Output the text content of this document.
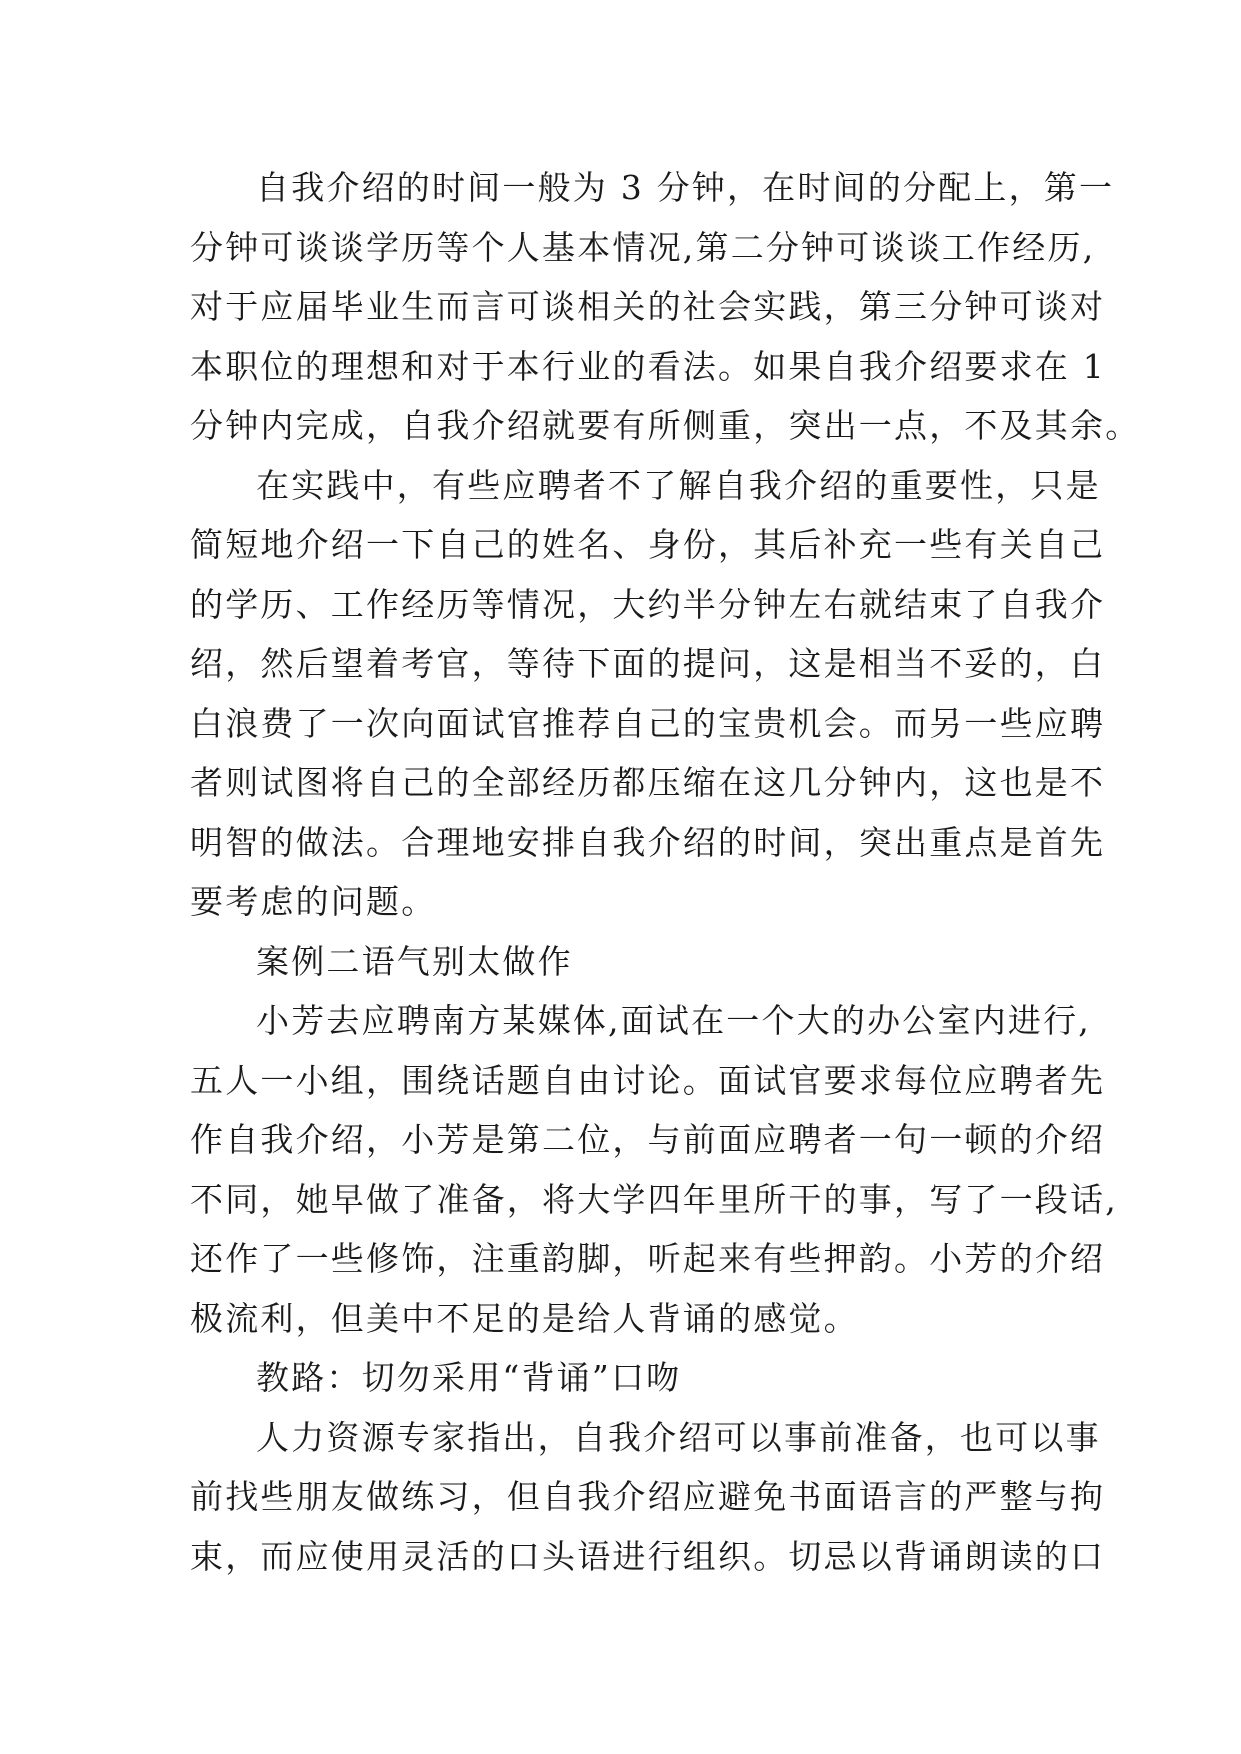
自我介绍的时间一般为 3 分钟，在时间的分配上，第一
分钟可谈谈学历等个人基本情况,第二分钟可谈谈工作经历,
对于应届毕业生而言可谈相关的社会实践，第三分钟可谈对
本职位的理想和对于本行业的看法。如果自我介绍要求在 1
分钟内完成，自我介绍就要有所侧重，突出一点，不及其余。
在实践中，有些应聘者不了解自我介绍的重要性，只是
简短地介绍一下自己的姓名、身份，其后补充一些有关自己
的学历、工作经历等情况，大约半分钟左右就结束了自我介
绍，然后望着考官，等待下面的提问，这是相当不妥的，白
白浪费了一次向面试官推荐自己的宝贵机会。而另一些应聘
者则试图将自己的全部经历都压缩在这几分钟内，这也是不
明智的做法。合理地安排自我介绍的时间，突出重点是首先
要考虑的问题。
案例二语气别太做作
小芳去应聘南方某媒体,面试在一个大的办公室内进行,
五人一小组，围绕话题自由讨论。面试官要求每位应聘者先
作自我介绍，小芳是第二位，与前面应聘者一句一顿的介绍
不同，她早做了准备，将大学四年里所干的事，写了一段话,
还作了一些修饰，注重韵脚，听起来有些押韵。小芳的介绍
极流利，但美中不足的是给人背诵的感觉。
教路：切勿采用“背诵”口吻
人力资源专家指出，自我介绍可以事前准备，也可以事
前找些朋友做练习，但自我介绍应避免书面语言的严整与拘
束，而应使用灵活的口头语进行组织。切忌以背诵朗读的口
